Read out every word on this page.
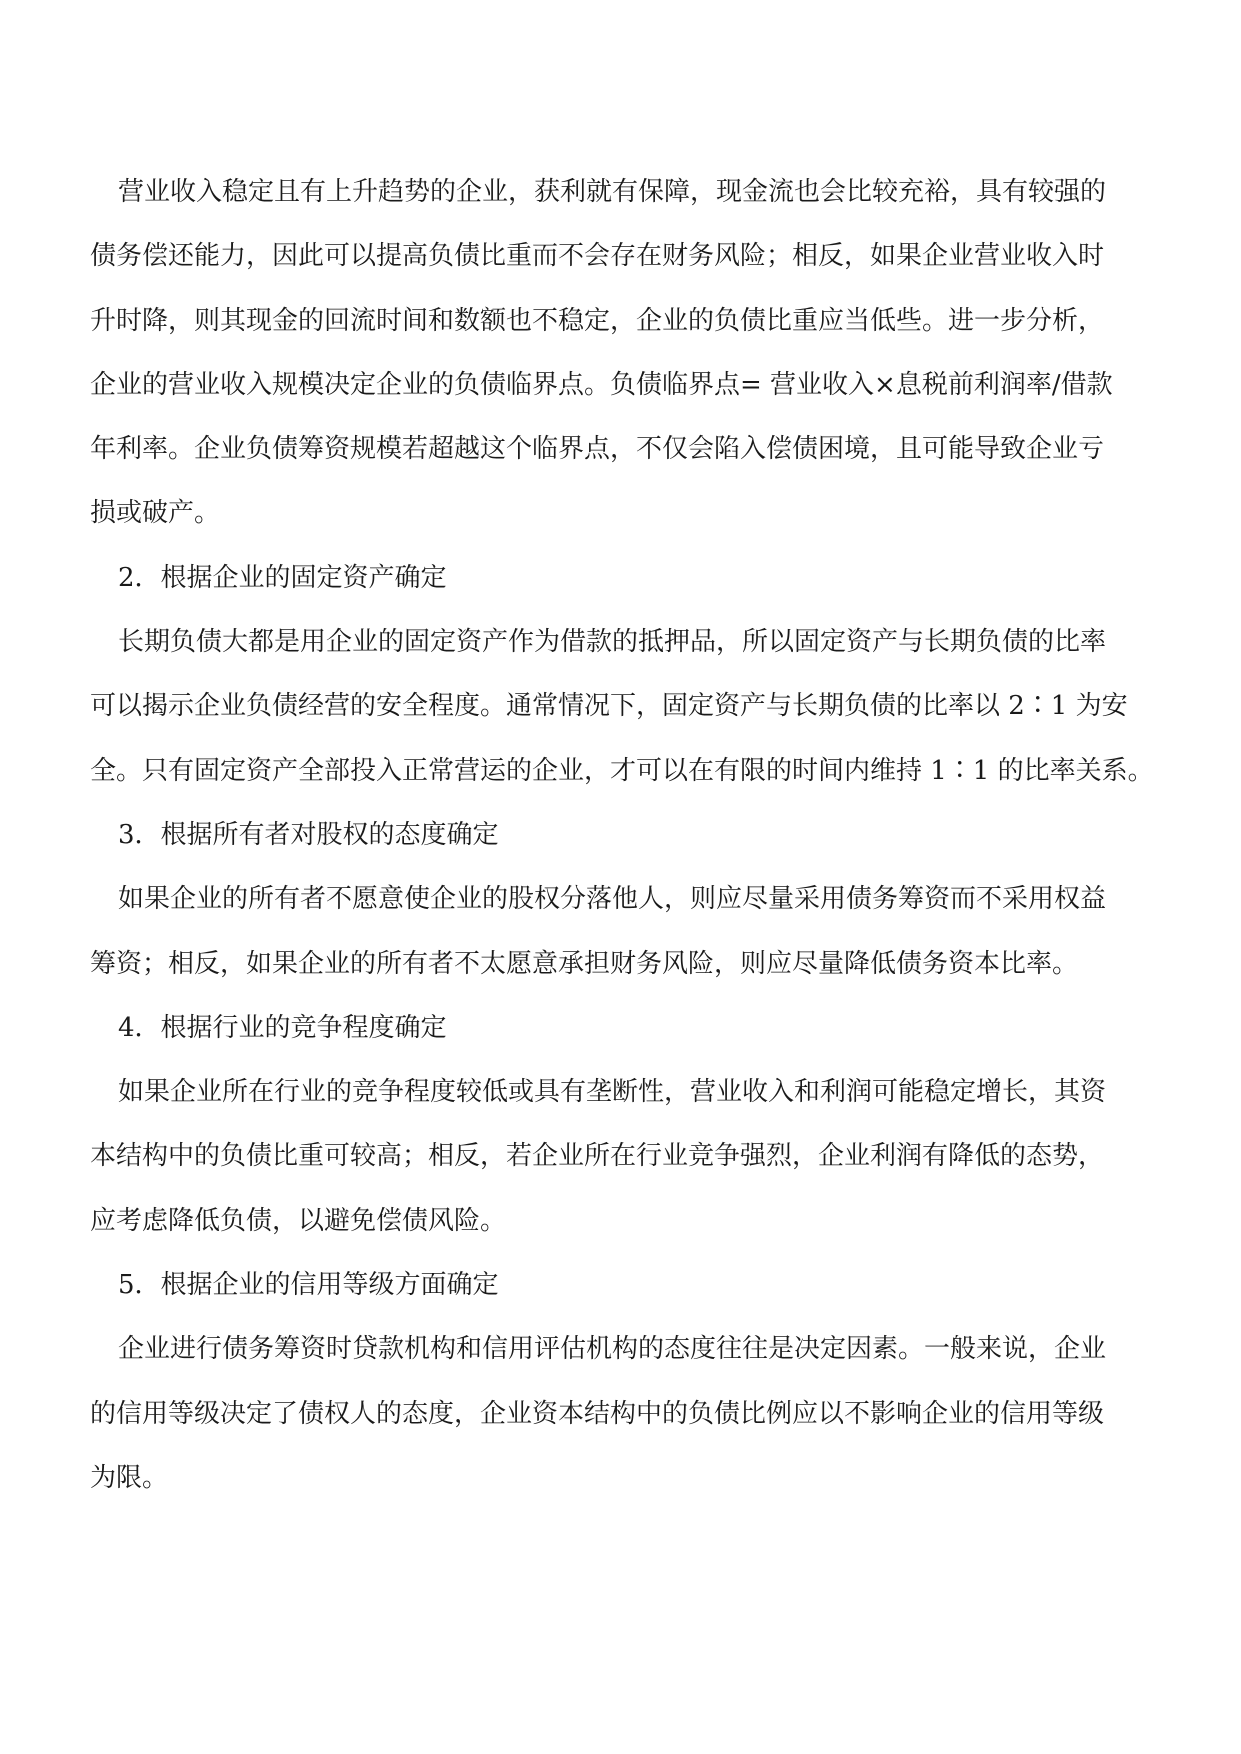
营业收入稳定且有上升趋势的企业，获利就有保障，现金流也会比较充裕，具有较强的
债务偿还能力，因此可以提高负债比重而不会存在财务风险；相反，如果企业营业收入时
升时降，则其现金的回流时间和数额也不稳定，企业的负债比重应当低些。进一步分析，
企业的营业收入规模决定企业的负债临界点。负债临界点= 营业收入×息税前利润率/借款
年利率。企业负债筹资规模若超越这个临界点，不仅会陷入偿债困境，且可能导致企业亏
损或破产。
2．根据企业的固定资产确定
长期负债大都是用企业的固定资产作为借款的抵押品，所以固定资产与长期负债的比率
可以揭示企业负债经营的安全程度。通常情况下，固定资产与长期负债的比率以 2∶1 为安
全。只有固定资产全部投入正常营运的企业，才可以在有限的时间内维持 1∶1 的比率关系。
3．根据所有者对股权的态度确定
如果企业的所有者不愿意使企业的股权分落他人，则应尽量采用债务筹资而不采用权益
筹资；相反，如果企业的所有者不太愿意承担财务风险，则应尽量降低债务资本比率。
4．根据行业的竞争程度确定
如果企业所在行业的竞争程度较低或具有垄断性，营业收入和利润可能稳定增长，其资
本结构中的负债比重可较高；相反，若企业所在行业竞争强烈，企业利润有降低的态势，
应考虑降低负债，以避免偿债风险。
5．根据企业的信用等级方面确定
企业进行债务筹资时贷款机构和信用评估机构的态度往往是决定因素。一般来说，企业
的信用等级决定了债权人的态度，企业资本结构中的负债比例应以不影响企业的信用等级
为限。
